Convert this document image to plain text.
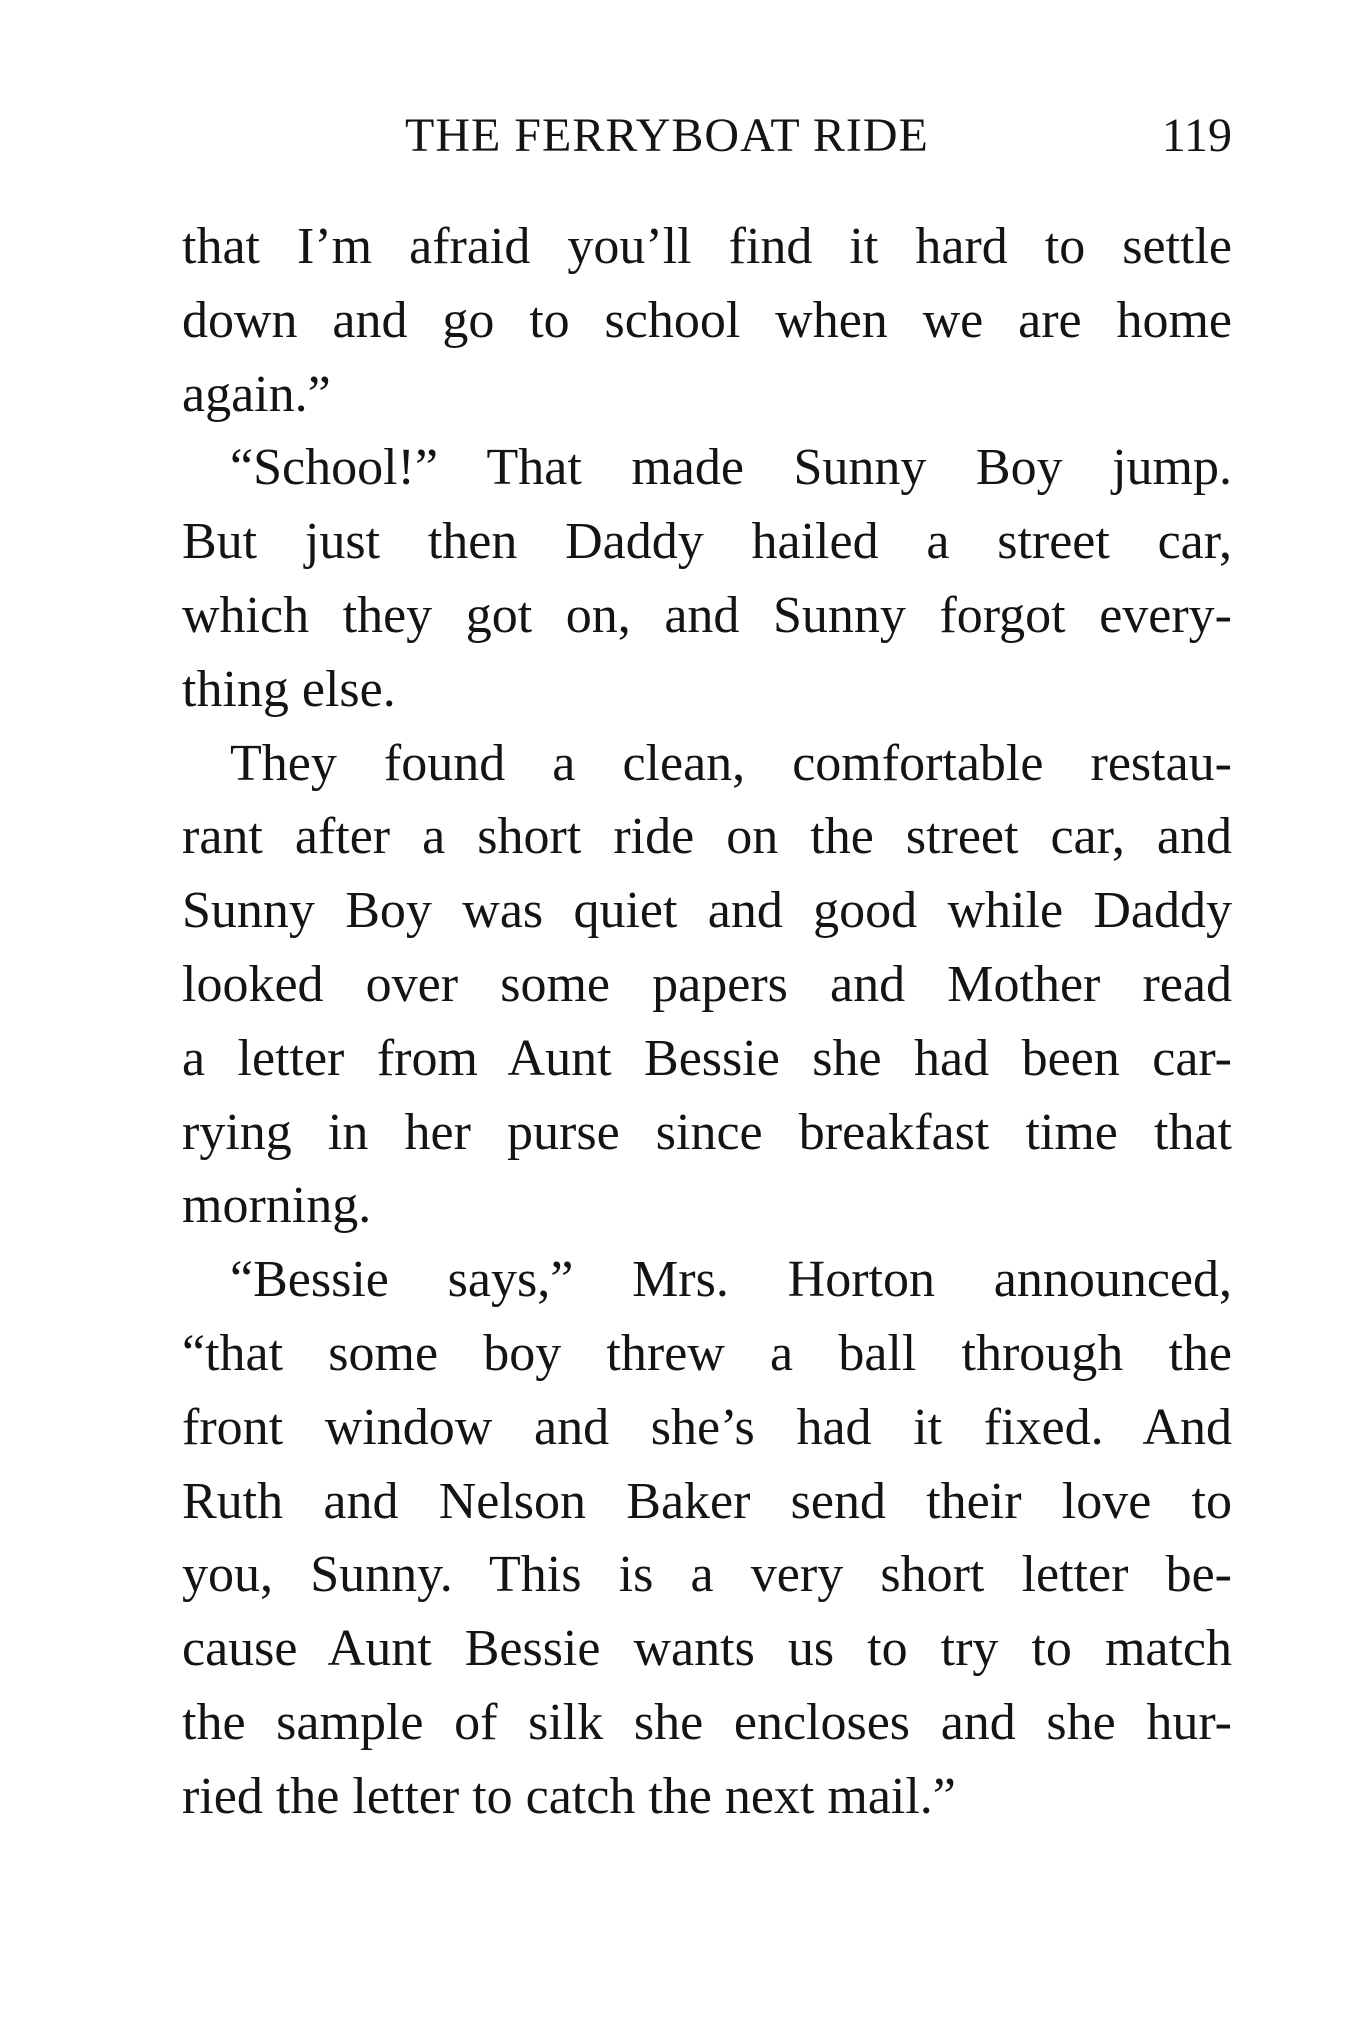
THE FERRYBOAT RIDE	119
that I’m afraid you’ll find it hard to settle
down and go to school when we are home
again.”
“School!” That made Sunny Boy jump.
But just then Daddy hailed a street car,
which they got on, and Sunny forgot every-
thing else.
They found a clean, comfortable restau-
rant after a short ride on the street car, and
Sunny Boy was quiet and good while Daddy
looked over some papers and Mother read
a letter from Aunt Bessie she had been car-
rying in her purse since breakfast time that
morning.
“Bessie says,” Mrs. Horton announced,
“that some boy threw a ball through the
front window and she’s had it fixed. And
Ruth and Nelson Baker send their love to
you, Sunny. This is a very short letter be-
cause Aunt Bessie wants us to try to match
the sample of silk she encloses and she hur-
ried the letter to catch the next mail.”
